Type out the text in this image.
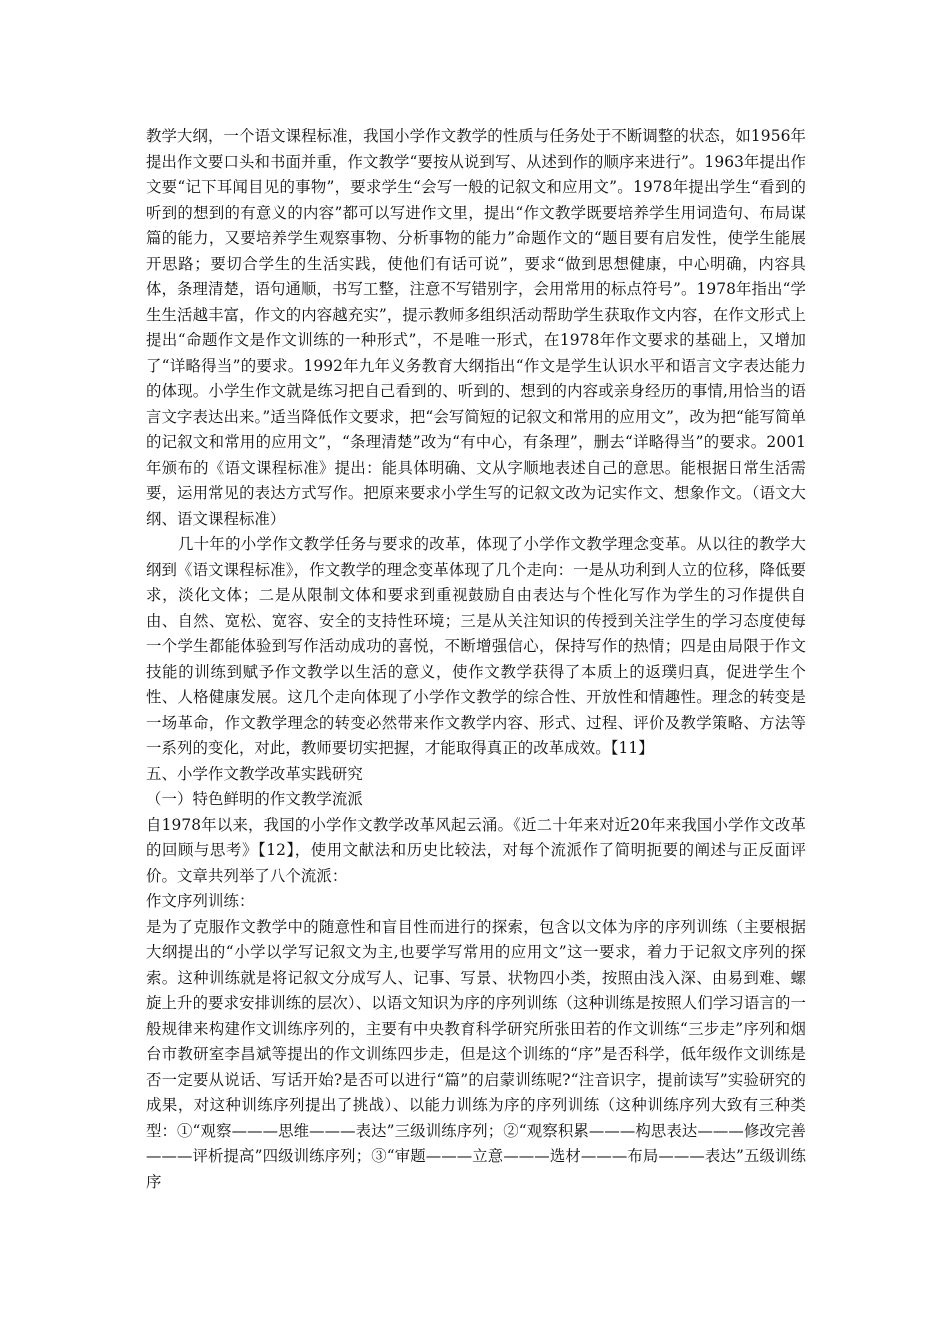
教学大纲，一个语文课程标准，我国小学作文教学的性质与任务处于不断调整的状态，如1956年提出作文要口头和书面并重，作文教学“要按从说到写、从述到作的顺序来进行”。1963年提出作文要“记下耳闻目见的事物”，要求学生“会写一般的记叙文和应用文”。1978年提出学生“看到的听到的想到的有意义的内容”都可以写进作文里，提出“作文教学既要培养学生用词造句、布局谋篇的能力，又要培养学生观察事物、分析事物的能力”命题作文的“题目要有启发性，使学生能展开思路；要切合学生的生活实践，使他们有话可说”，要求“做到思想健康，中心明确，内容具体，条理清楚，语句通顺，书写工整，注意不写错别字，会用常用的标点符号”。1978年指出“学生生活越丰富，作文的内容越充实”，提示教师多组织活动帮助学生获取作文内容，在作文形式上提出“命题作文是作文训练的一种形式”，不是唯一形式，在1978年作文要求的基础上，又增加了“详略得当”的要求。1992年九年义务教育大纲指出“作文是学生认识水平和语言文字表达能力的体现。小学生作文就是练习把自己看到的、听到的、想到的内容或亲身经历的事情,用恰当的语言文字表达出来。”适当降低作文要求，把“会写简短的记叙文和常用的应用文”，改为把“能写简单的记叙文和常用的应用文”，“条理清楚”改为“有中心，有条理”，删去“详略得当”的要求。2001年颁布的《语文课程标准》提出：能具体明确、文从字顺地表述自己的意思。能根据日常生活需要，运用常见的表达方式写作。把原来要求小学生写的记叙文改为记实作文、想象作文。（语文大纲、语文课程标准）

几十年的小学作文教学任务与要求的改革，体现了小学作文教学理念变革。从以往的教学大纲到《语文课程标准》，作文教学的理念变革体现了几个走向：一是从功利到人立的位移，降低要求，淡化文体；二是从限制文体和要求到重视鼓励自由表达与个性化写作为学生的习作提供自由、自然、宽松、宽容、安全的支持性环境；三是从关注知识的传授到关注学生的学习态度使每一个学生都能体验到写作活动成功的喜悦，不断增强信心，保持写作的热情；四是由局限于作文技能的训练到赋予作文教学以生活的意义，使作文教学获得了本质上的返璞归真，促进学生个性、人格健康发展。这几个走向体现了小学作文教学的综合性、开放性和情趣性。理念的转变是一场革命，作文教学理念的转变必然带来作文教学内容、形式、过程、评价及教学策略、方法等一系列的变化，对此，教师要切实把握，才能取得真正的改革成效。【11】

五、小学作文教学改革实践研究

（一）特色鲜明的作文教学流派

自1978年以来，我国的小学作文教学改革风起云涌。《近二十年来对近20年来我国小学作文改革的回顾与思考》【12】，使用文献法和历史比较法，对每个流派作了简明扼要的阐述与正反面评价。文章共列举了八个流派：

作文序列训练：

是为了克服作文教学中的随意性和盲目性而进行的探索，包含以文体为序的序列训练（主要根据大纲提出的“小学以学写记叙文为主,也要学写常用的应用文”这一要求，着力于记叙文序列的探索。这种训练就是将记叙文分成写人、记事、写景、状物四小类，按照由浅入深、由易到难、螺旋上升的要求安排训练的层次）、以语文知识为序的序列训练（这种训练是按照人们学习语言的一般规律来构建作文训练序列的，主要有中央教育科学研究所张田若的作文训练“三步走”序列和烟台市教研室李昌斌等提出的作文训练四步走，但是这个训练的“序”是否科学，低年级作文训练是否一定要从说话、写话开始?是否可以进行“篇”的启蒙训练呢?“注音识字，提前读写”实验研究的成果，对这种训练序列提出了挑战）、以能力训练为序的序列训练（这种训练序列大致有三种类型：①“观察———思维———表达”三级训练序列；②“观察积累———构思表达———修改完善———评析提高”四级训练序列；③“审题———立意———选材———布局———表达”五级训练序
